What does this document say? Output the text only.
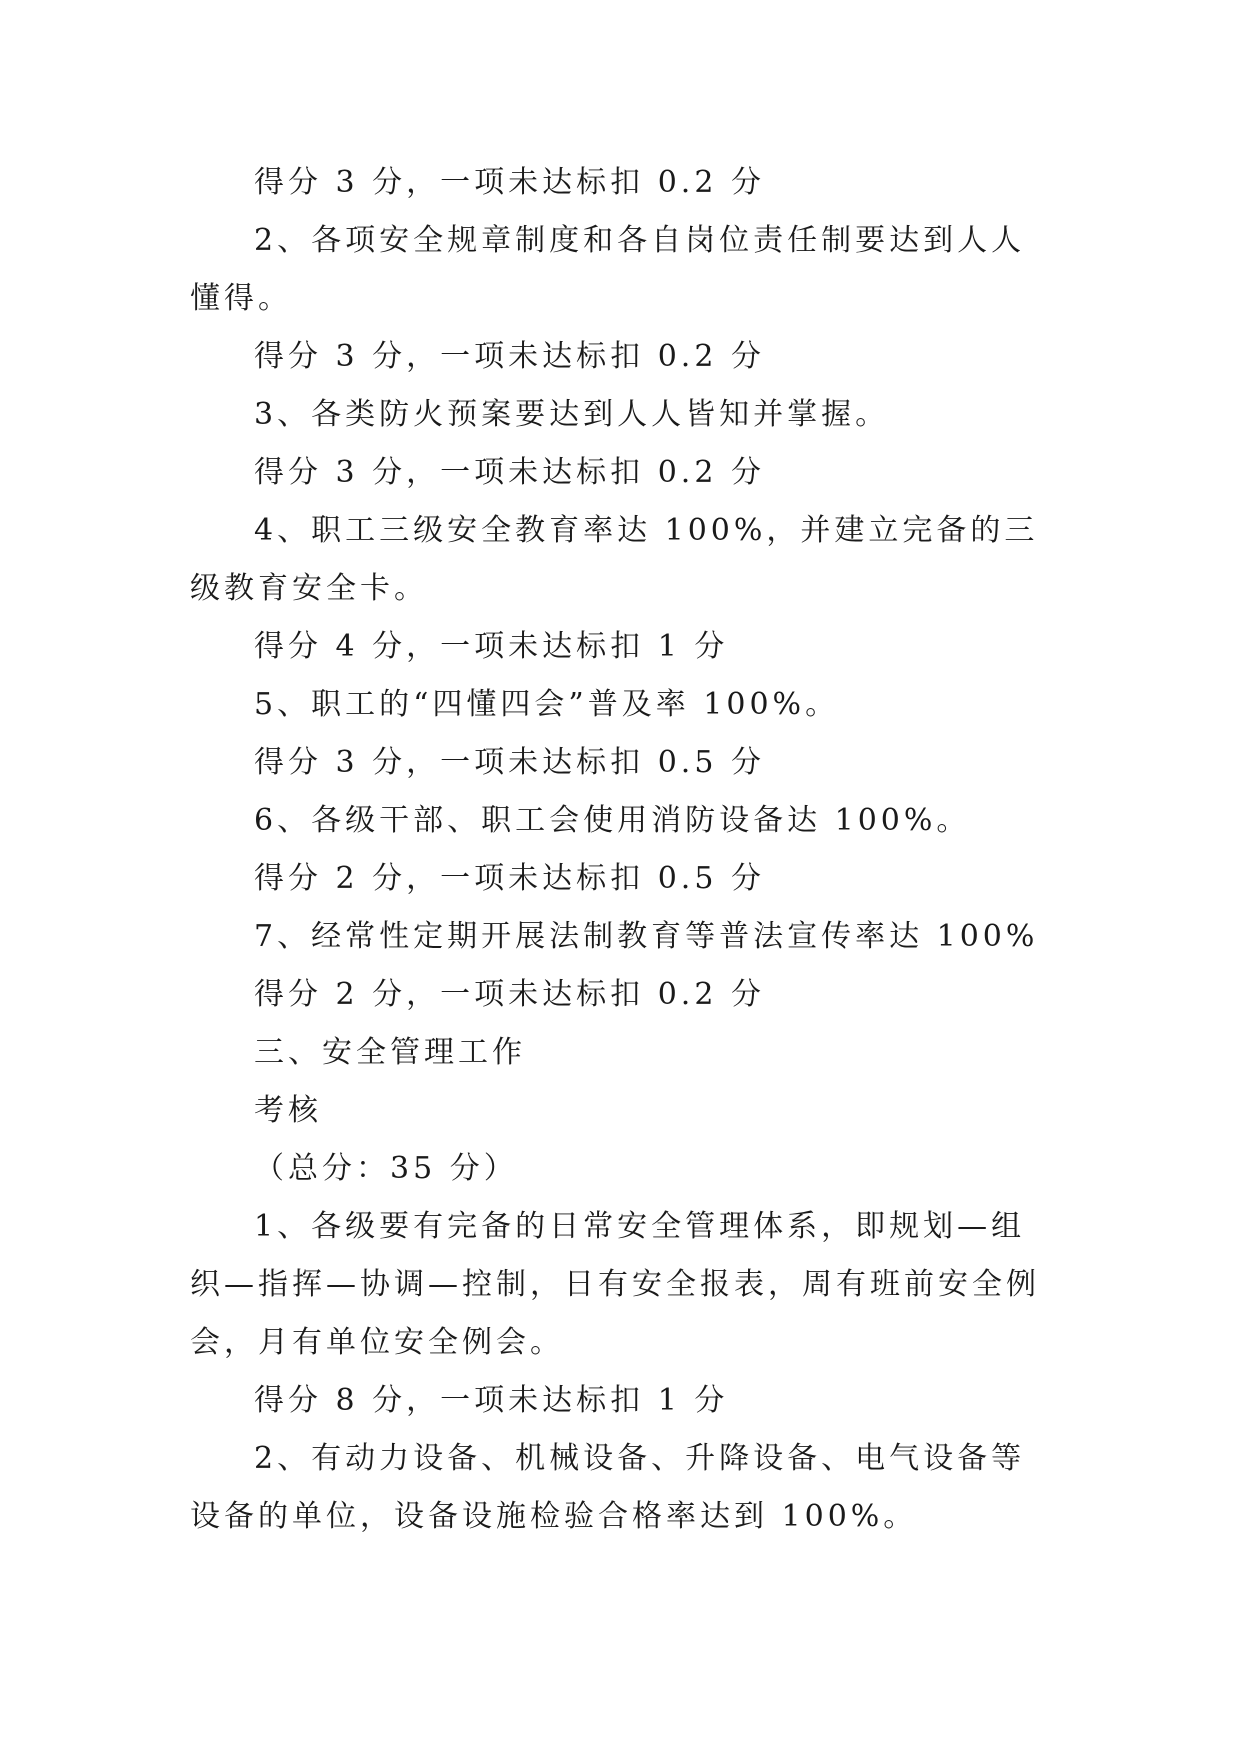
得分 3 分，一项未达标扣 0.2 分

2、各项安全规章制度和各自岗位责任制要达到人人懂得。

得分 3 分，一项未达标扣 0.2 分

3、各类防火预案要达到人人皆知并掌握。

得分 3 分，一项未达标扣 0.2 分

4、职工三级安全教育率达 100%，并建立完备的三级教育安全卡。

得分 4 分，一项未达标扣 1 分

5、职工的“四懂四会”普及率 100%。

得分 3 分，一项未达标扣 0.5 分

6、各级干部、职工会使用消防设备达 100%。

得分 2 分，一项未达标扣 0.5 分

7、经常性定期开展法制教育等普法宣传率达 100%

得分 2 分，一项未达标扣 0.2 分

三、安全管理工作

考核

（总分：35 分）

1、各级要有完备的日常安全管理体系，即规划—组织—指挥—协调—控制，日有安全报表，周有班前安全例会，月有单位安全例会。

得分 8 分，一项未达标扣 1 分

2、有动力设备、机械设备、升降设备、电气设备等设备的单位，设备设施检验合格率达到 100%。
